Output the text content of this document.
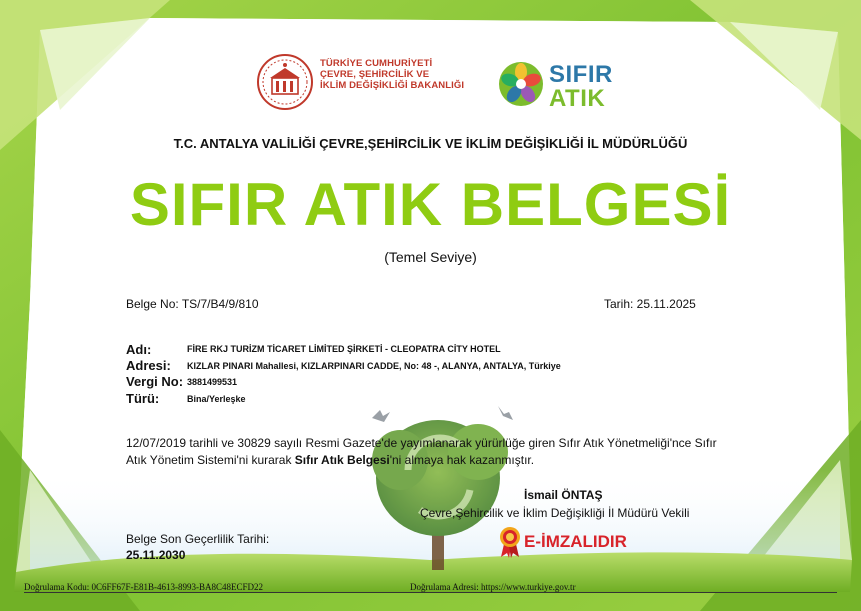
TÜRKİYE CUMHURİYETİ
ÇEVRE, ŞEHİRCİLİK VE
İKLİM DEĞİŞİKLİĞİ BAKANLIĞI	SIFIR
ATIK
T.C. ANTALYA VALİLİĞİ ÇEVRE,ŞEHİRCİLİK VE İKLİM DEĞİŞİKLİĞİ İL MÜDÜRLÜĞÜ
SIFIR ATIK BELGESİ
(Temel Seviye)
Belge No: TS/7/B4/9/810	Tarih: 25.11.2025
Adı:	FİRE RKJ TURİZM TİCARET LİMİTED ŞİRKETİ - CLEOPATRA CİTY HOTEL
Adresi: KIZLAR PINARI Mahallesi, KIZLARPINARI CADDE, No: 48 -, ALANYA, ANTALYA, Türkiye
Vergi No: 3881499531
Türü:	Bina/Yerleşke
12/07/2019 tarihli ve 30829 sayılı Resmi Gazete'de yayımlanarak yürürlüğe giren Sıfır Atık Yönetmeliği'nce Sıfır Atık Yönetim Sistemi'ni kurarak Sıfır Atık Belgesi'ni almaya hak kazanmıştır.
İsmail ÖNTAŞ
Çevre,Şehircilik ve İklim Değişikliği İl Müdürü Vekili
Belge Son Geçerlilik Tarihi:
25.11.2030
E-İMZALIDIR
Doğrulama Kodu: 0C6FF67F-E81B-4613-8993-BA8C48ECFD22	Doğrulama Adresi: https://www.turkiye.gov.tr
